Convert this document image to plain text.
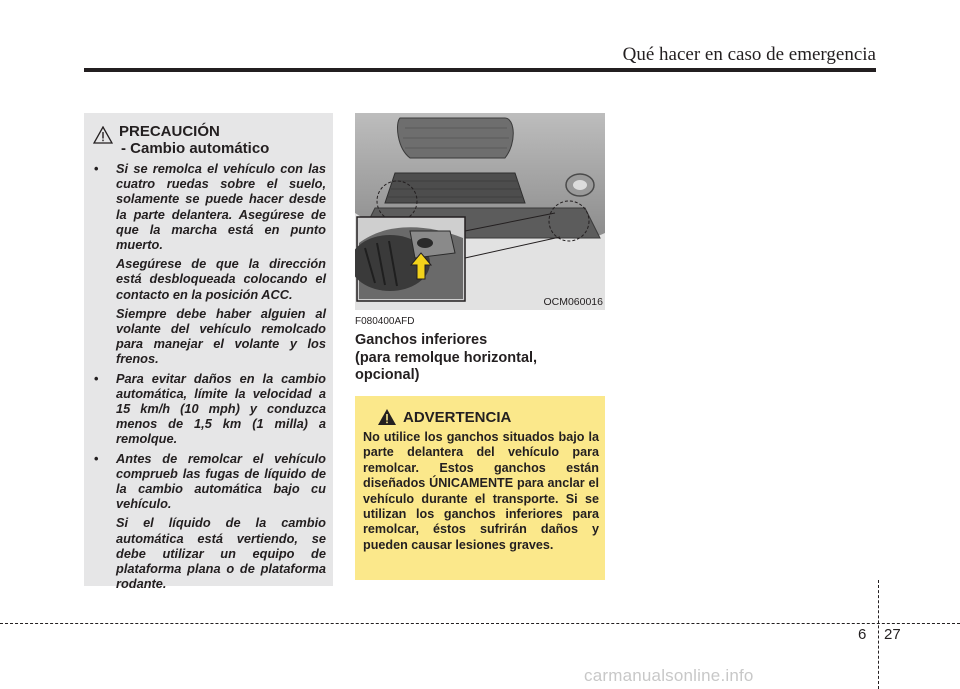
Qué hacer en caso de emergencia
PRECAUCIÓN
- Cambio automático
• Si se remolca el vehículo con las cuatro ruedas sobre el suelo, solamente se puede hacer desde la parte delantera. Asegúrese de que la marcha está en punto muerto.
Asegúrese de que la dirección está desbloqueada colocando el contacto en la posición ACC.
Siempre debe haber alguien al volante del vehículo remolcado para manejar el volante y los frenos.
• Para evitar daños en la cambio automática, límite la velocidad a 15 km/h (10 mph) y conduzca menos de 1,5 km (1 milla) a remolque.
• Antes de remolcar el vehículo comprueb las fugas de líquido de la cambio automática bajo cu vehículo.
Si el líquido de la cambio automática está vertiendo, se debe utilizar un equipo de plataforma plana o de plataforma rodante.
OCM060016
F080400AFD
Ganchos inferiores
(para remolque horizontal, opcional)
ADVERTENCIA
No utilice los ganchos situados bajo la parte delantera del vehículo para remolcar. Estos ganchos están diseñados ÚNICAMENTE para anclar el vehículo durante el transporte. Si se utilizan los ganchos inferiores para remolcar, éstos sufrirán daños y pueden causar lesiones graves.
6 27
carmanualsonline.info
